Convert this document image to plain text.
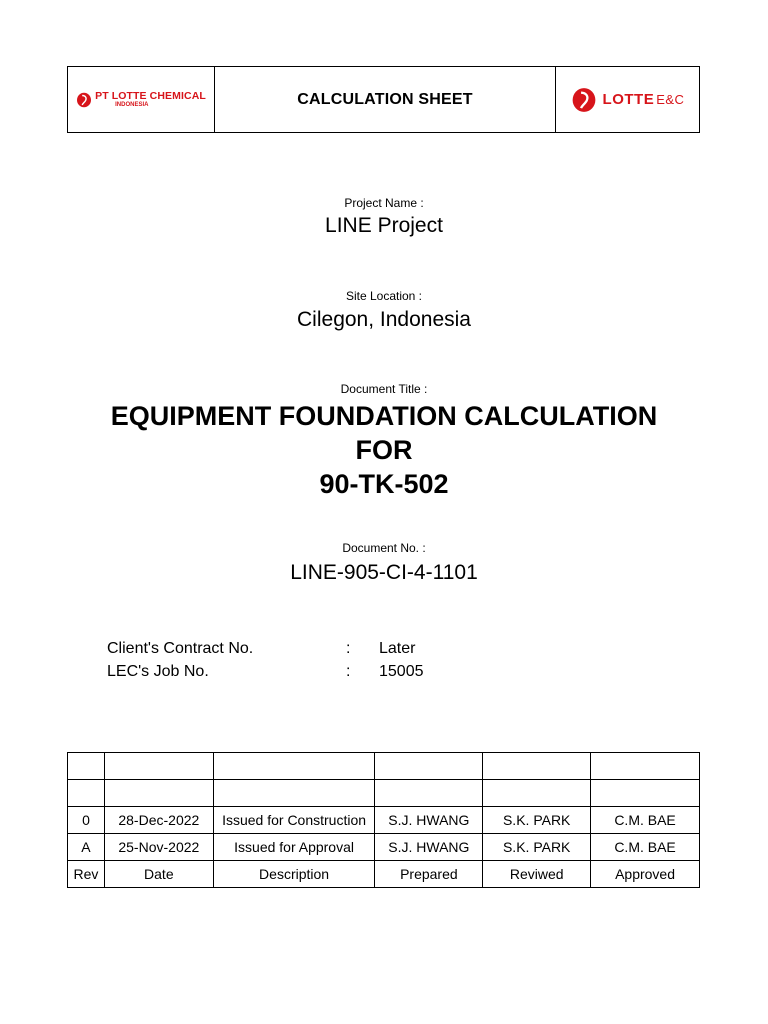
PT LOTTE CHEMICAL
INDONESIA	CALCULATION SHEET	LOTTE E&C
Project Name :
LINE Project
Site Location :
Cilegon, Indonesia
Document Title :
EQUIPMENT FOUNDATION CALCULATION
FOR
90-TK-502
Document No. :
LINE-905-CI-4-1101
Client's Contract No.	: Later
LEC's Job No.	: 15005

0	28-Dec-2022	Issued for Construction	S.J. HWANG	S.K. PARK	C.M. BAE
A	25-Nov-2022	Issued for Approval	S.J. HWANG	S.K. PARK	C.M. BAE
Rev	Date	Description	Prepared	Reviwed	Approved
